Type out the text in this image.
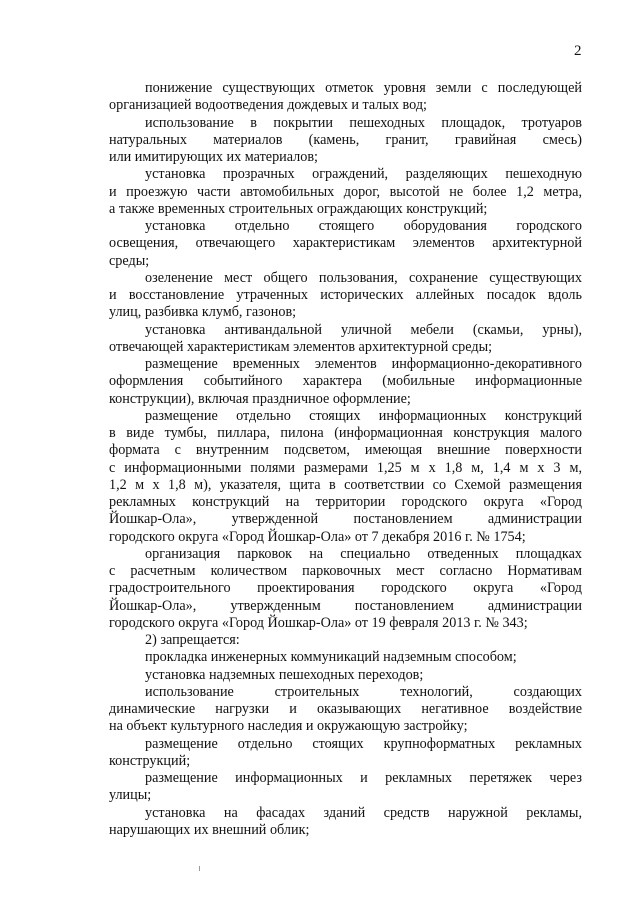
2
понижение существующих отметок уровня земли с последующей
организацией водоотведения дождевых и талых вод;
использование в покрытии пешеходных площадок, тротуаров
натуральных материалов (камень, гранит, гравийная смесь)
или имитирующих их материалов;
установка прозрачных ограждений, разделяющих пешеходную
и проезжую части автомобильных дорог, высотой не более 1,2 метра,
а также временных строительных ограждающих конструкций;
установка отдельно стоящего оборудования городского
освещения, отвечающего характеристикам элементов архитектурной
среды;
озеленение мест общего пользования, сохранение существующих
и восстановление утраченных исторических аллейных посадок вдоль
улиц, разбивка клумб, газонов;
установка антивандальной уличной мебели (скамьи, урны),
отвечающей характеристикам элементов архитектурной среды;
размещение временных элементов информационно-декоративного
оформления событийного характера (мобильные информационные
конструкции), включая праздничное оформление;
размещение отдельно стоящих информационных конструкций
в виде тумбы, пиллара, пилона (информационная конструкция малого
формата с внутренним подсветом, имеющая внешние поверхности
с информационными полями размерами 1,25 м х 1,8 м, 1,4 м х 3 м,
1,2 м х 1,8 м), указателя, щита в соответствии со Схемой размещения
рекламных конструкций на территории городского округа «Город
Йошкар-Ола», утвержденной постановлением администрации
городского округа «Город Йошкар-Ола» от 7 декабря 2016 г. № 1754;
организация парковок на специально отведенных площадках
с расчетным количеством парковочных мест согласно Нормативам
градостроительного проектирования городского округа «Город
Йошкар-Ола», утвержденным постановлением администрации
городского округа «Город Йошкар-Ола» от 19 февраля 2013 г. № 343;
2) запрещается:
прокладка инженерных коммуникаций надземным способом;
установка надземных пешеходных переходов;
использование строительных технологий, создающих
динамические нагрузки и оказывающих негативное воздействие
на объект культурного наследия и окружающую застройку;
размещение отдельно стоящих крупноформатных рекламных
конструкций;
размещение информационных и рекламных перетяжек через
улицы;
установка на фасадах зданий средств наружной рекламы,
нарушающих их внешний облик;
